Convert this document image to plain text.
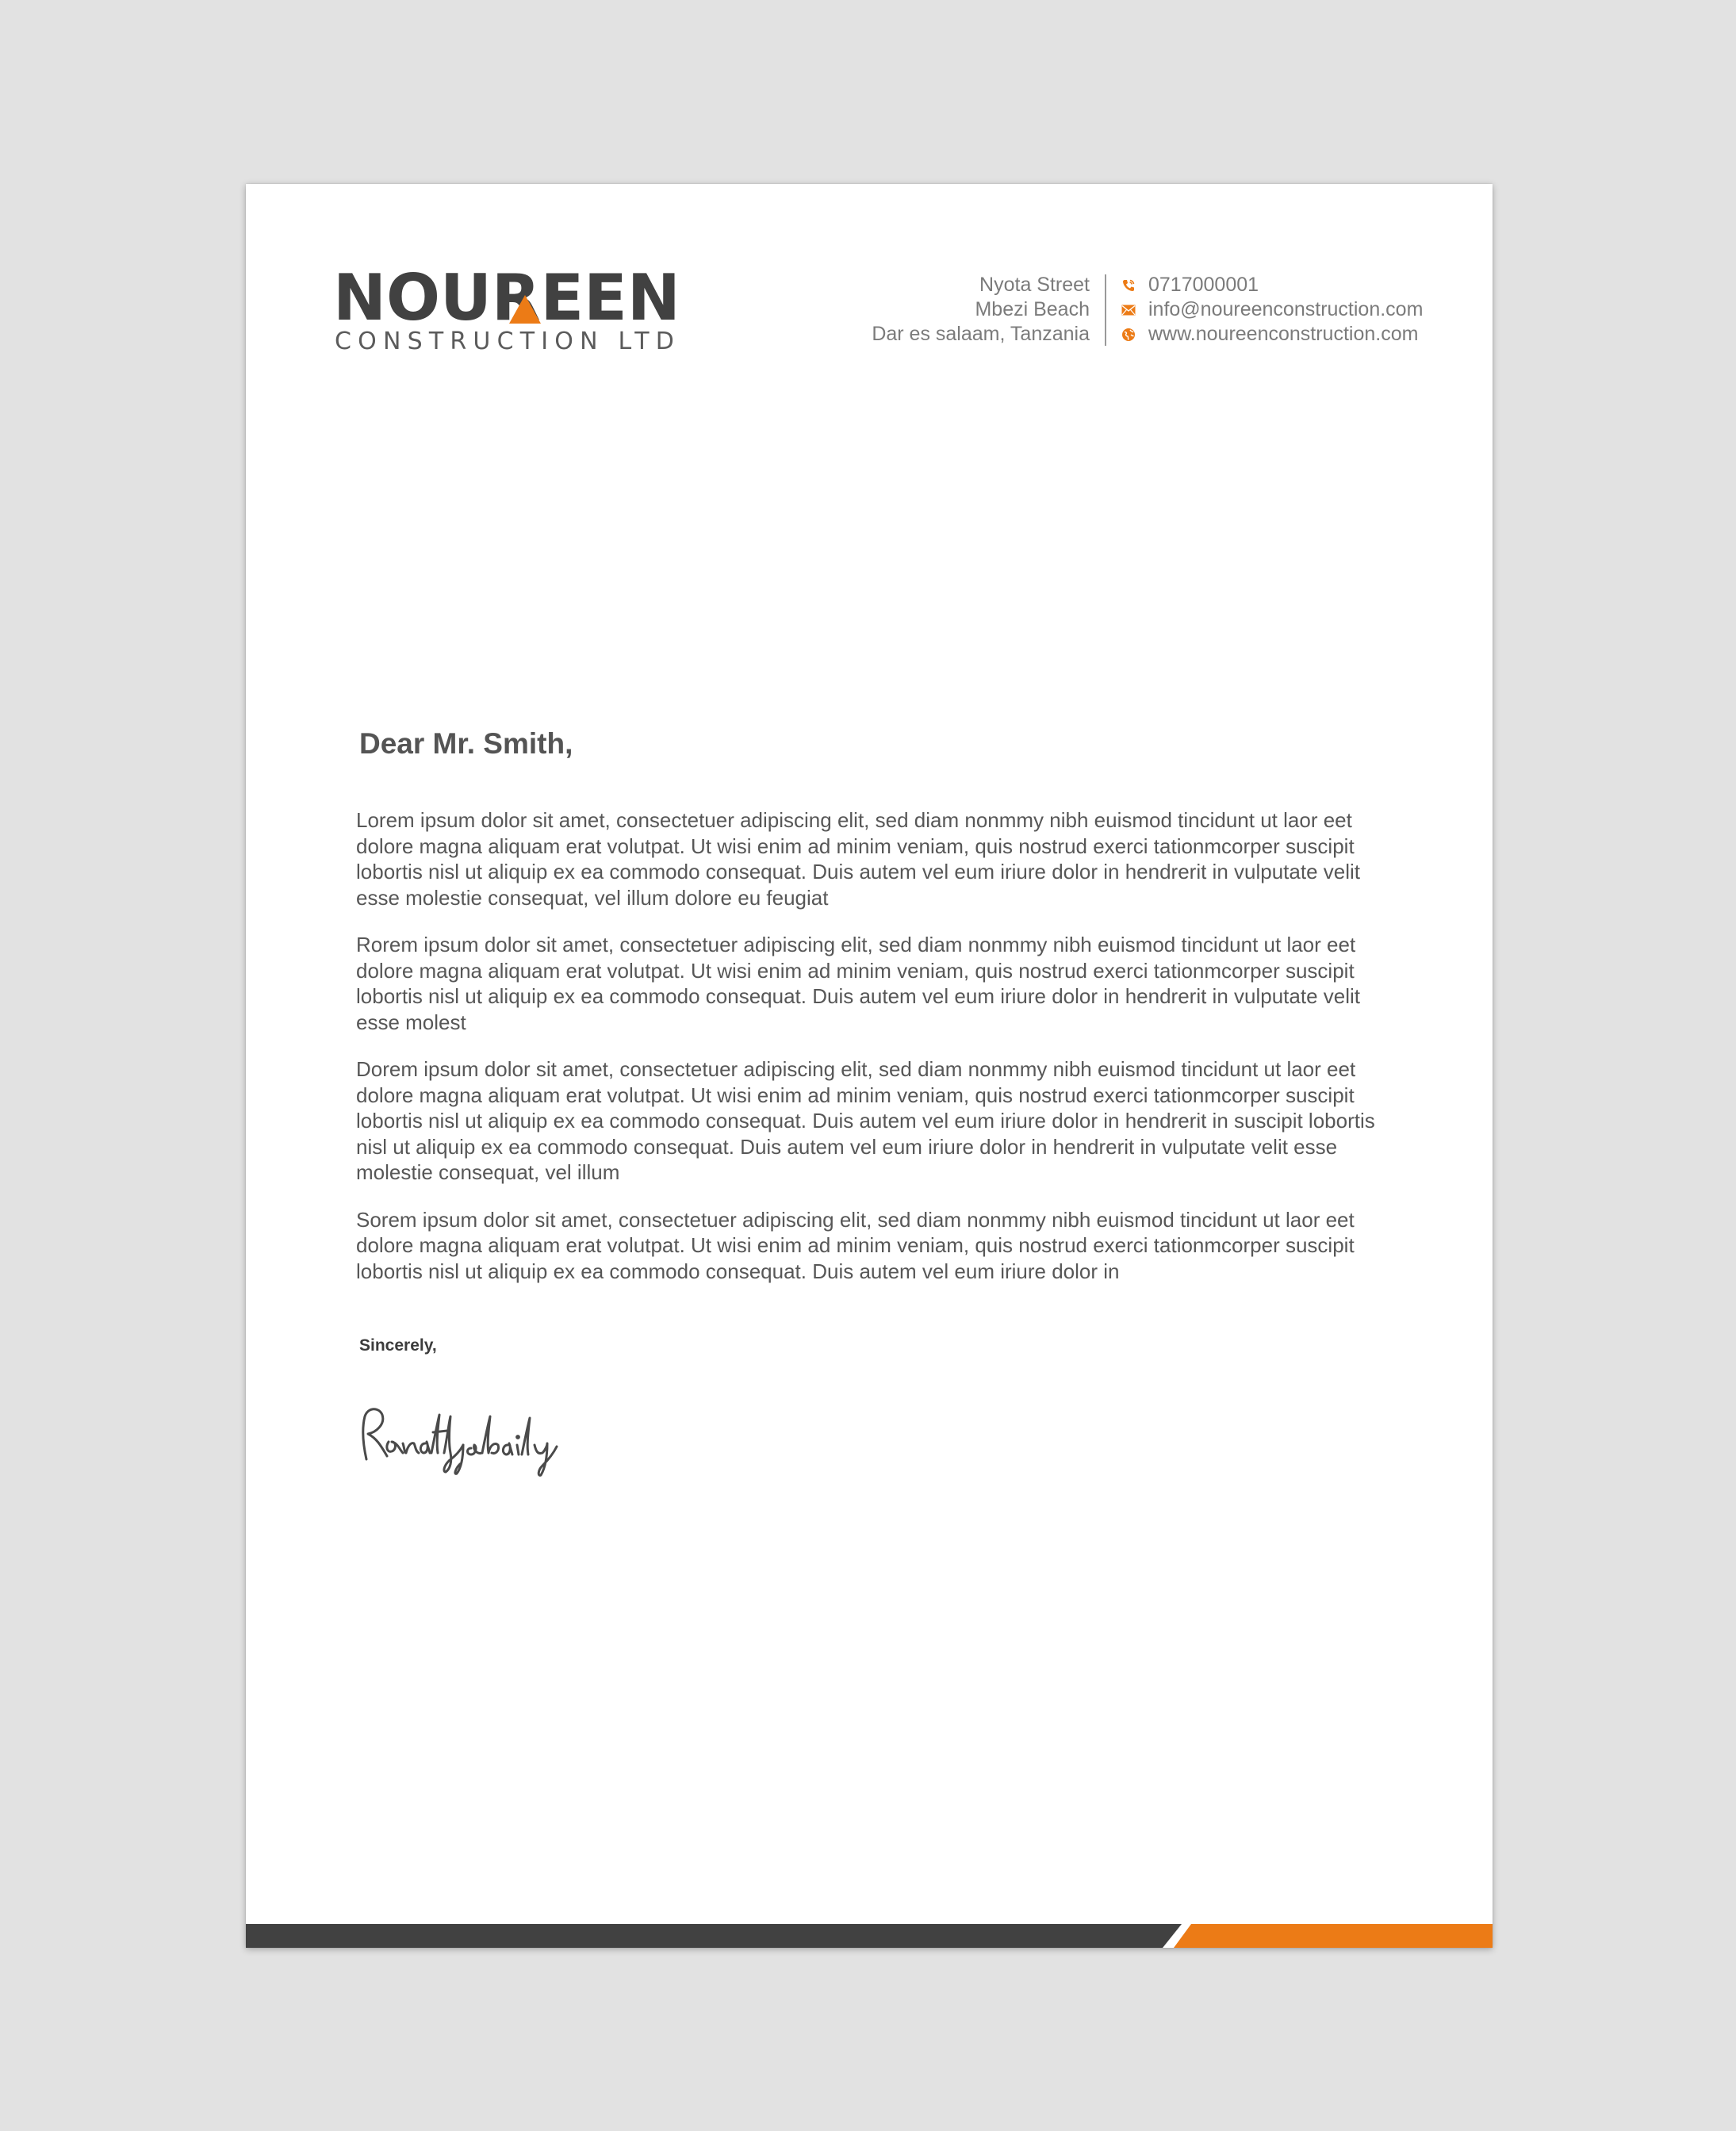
NOU R EEN
CONSTRUCTION LTD
Nyota Street
Mbezi Beach
Dar es salaam, Tanzania
0717000001
info@noureenconstruction.com
www.noureenconstruction.com
Dear Mr. Smith,

Lorem ipsum dolor sit amet, consectetuer adipiscing elit, sed diam nonmmy nibh euismod tincidunt ut laor eet dolore magna aliquam erat volutpat. Ut wisi enim ad minim veniam, quis nostrud exerci tationmcorper suscipit lobortis nisl ut aliquip ex ea commodo consequat. Duis autem vel eum iriure dolor in hendrerit in vulputate velit esse molestie consequat, vel illum dolore eu feugiat

Rorem ipsum dolor sit amet, consectetuer adipiscing elit, sed diam nonmmy nibh euismod tincidunt ut laor eet dolore magna aliquam erat volutpat. Ut wisi enim ad minim veniam, quis nostrud exerci tationmcorper suscipit lobortis nisl ut aliquip ex ea commodo consequat. Duis autem vel eum iriure dolor in hendrerit in vulputate velit esse molest

Dorem ipsum dolor sit amet, consectetuer adipiscing elit, sed diam nonmmy nibh euismod tincidunt ut laor eet dolore magna aliquam erat volutpat. Ut wisi enim ad minim veniam, quis nostrud exerci tationmcorper suscipit lobortis nisl ut aliquip ex ea commodo consequat. Duis autem vel eum iriure dolor in hendrerit in suscipit lobortis nisl ut aliquip ex ea commodo consequat. Duis autem vel eum iriure dolor in hendrerit in vulputate velit esse molestie consequat, vel illum

Sorem ipsum dolor sit amet, consectetuer adipiscing elit, sed diam nonmmy nibh euismod tincidunt ut laor eet dolore magna aliquam erat volutpat. Ut wisi enim ad minim veniam, quis nostrud exerci tationmcorper suscipit lobortis nisl ut aliquip ex ea commodo consequat. Duis autem vel eum iriure dolor in

Sincerely,
